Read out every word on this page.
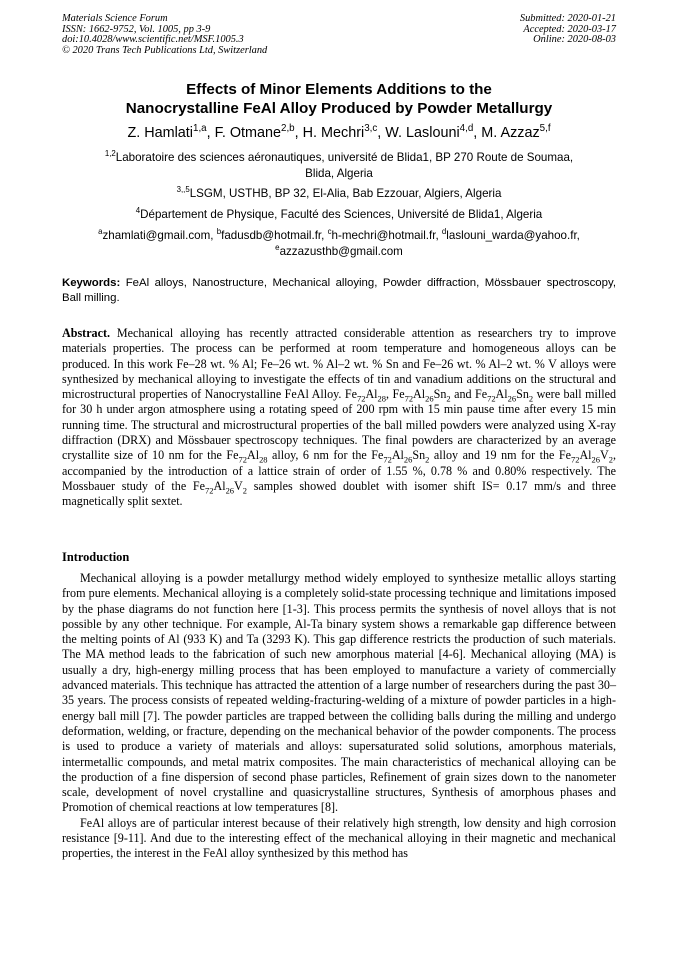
Materials Science Forum
ISSN: 1662-9752, Vol. 1005, pp 3-9
doi:10.4028/www.scientific.net/MSF.1005.3
© 2020 Trans Tech Publications Ltd, Switzerland
Submitted: 2020-01-21
Accepted: 2020-03-17
Online: 2020-08-03
Effects of Minor Elements Additions to the
Nanocrystalline FeAl Alloy Produced by Powder Metallurgy
Z. Hamlati$^{1,a}$, F. Otmane$^{2,b}$, H. Mechri$^{3,c}$, W. Laslouni$^{4,d}$, M. Azzaz$^{5,f}$
$^{1,2}$Laboratoire des sciences aéronautiques, université de Blida1, BP 270 Route de Soumaa,
Blida, Algeria
$^{3,,5}$LSGM, USTHB, BP 32, El-Alia, Bab Ezzouar, Algiers, Algeria
$^4$Département de Physique, Faculté des Sciences, Université de Blida1, Algeria
$^a$zhamlati@gmail.com, $^b$fadusdb@hotmail.fr, $^c$h-mechri@hotmail.fr, $^d$laslouni_warda@yahoo.fr,
$^e$azzazusthb@gmail.com
Keywords: FeAl alloys, Nanostructure, Mechanical alloying, Powder diffraction, Mössbauer spectroscopy, Ball milling.
Abstract. Mechanical alloying has recently attracted considerable attention as researchers try to improve materials properties. The process can be performed at room temperature and homogeneous alloys can be produced. In this work Fe–28 wt. % Al; Fe–26 wt. % Al–2 wt. % Sn and Fe–26 wt. % Al–2 wt. % V alloys were synthesized by mechanical alloying to investigate the effects of tin and vanadium additions on the structural and microstructural properties of Nanocrystalline FeAl Alloy. $Fe_{72}Al_{28}$, $Fe_{72}Al_{26}Sn_2$ and $Fe_{72}Al_{26}Sn_2$ were ball milled for 30 h under argon atmosphere using a rotating speed of 200 rpm with 15 min pause time after every 15 min running time. The structural and microstructural properties of the ball milled powders were analyzed using X-ray diffraction (DRX) and Mössbauer spectroscopy techniques. The final powders are characterized by an average crystallite size of 10 nm for the $Fe_{72}Al_{28}$ alloy, 6 nm for the $Fe_{72}Al_{26}Sn_2$ alloy and 19 nm for the $Fe_{72}Al_{26}V_2$, accompanied by the introduction of a lattice strain of order of 1.55 %, 0.78 % and 0.80% respectively. The Mossbauer study of the $Fe_{72}Al_{26}V_2$ samples showed doublet with isomer shift IS= 0.17 mm/s and three magnetically split sextet.
Introduction

Mechanical alloying is a powder metallurgy method widely employed to synthesize metallic alloys starting from pure elements. Mechanical alloying is a completely solid-state processing technique and limitations imposed by the phase diagrams do not function here [1-3]. This process permits the synthesis of novel alloys that is not possible by any other technique. For example, Al-Ta binary system shows a remarkable gap difference between the melting points of Al (933 K) and Ta (3293 K). This gap difference restricts the production of such materials. The MA method leads to the fabrication of such new amorphous material [4-6]. Mechanical alloying (MA) is usually a dry, high-energy milling process that has been employed to manufacture a variety of commercially advanced materials. This technique has attracted the attention of a large number of researchers during the past 30–35 years. The process consists of repeated welding-fracturing-welding of a mixture of powder particles in a high-energy ball mill [7]. The powder particles are trapped between the colliding balls during the milling and undergo deformation, welding, or fracture, depending on the mechanical behavior of the powder components. The process is used to produce a variety of materials and alloys: supersaturated solid solutions, amorphous materials, intermetallic compounds, and metal matrix composites. The main characteristics of mechanical alloying can be the production of a fine dispersion of second phase particles, Refinement of grain sizes down to the nanometer scale, development of novel crystalline and quasicrystalline structures, Synthesis of amorphous phases and Promotion of chemical reactions at low temperatures [8].

FeAl alloys are of particular interest because of their relatively high strength, low density and high corrosion resistance [9-11]. And due to the interesting effect of the mechanical alloying in their magnetic and mechanical properties, the interest in the FeAl alloy synthesized by this method has
